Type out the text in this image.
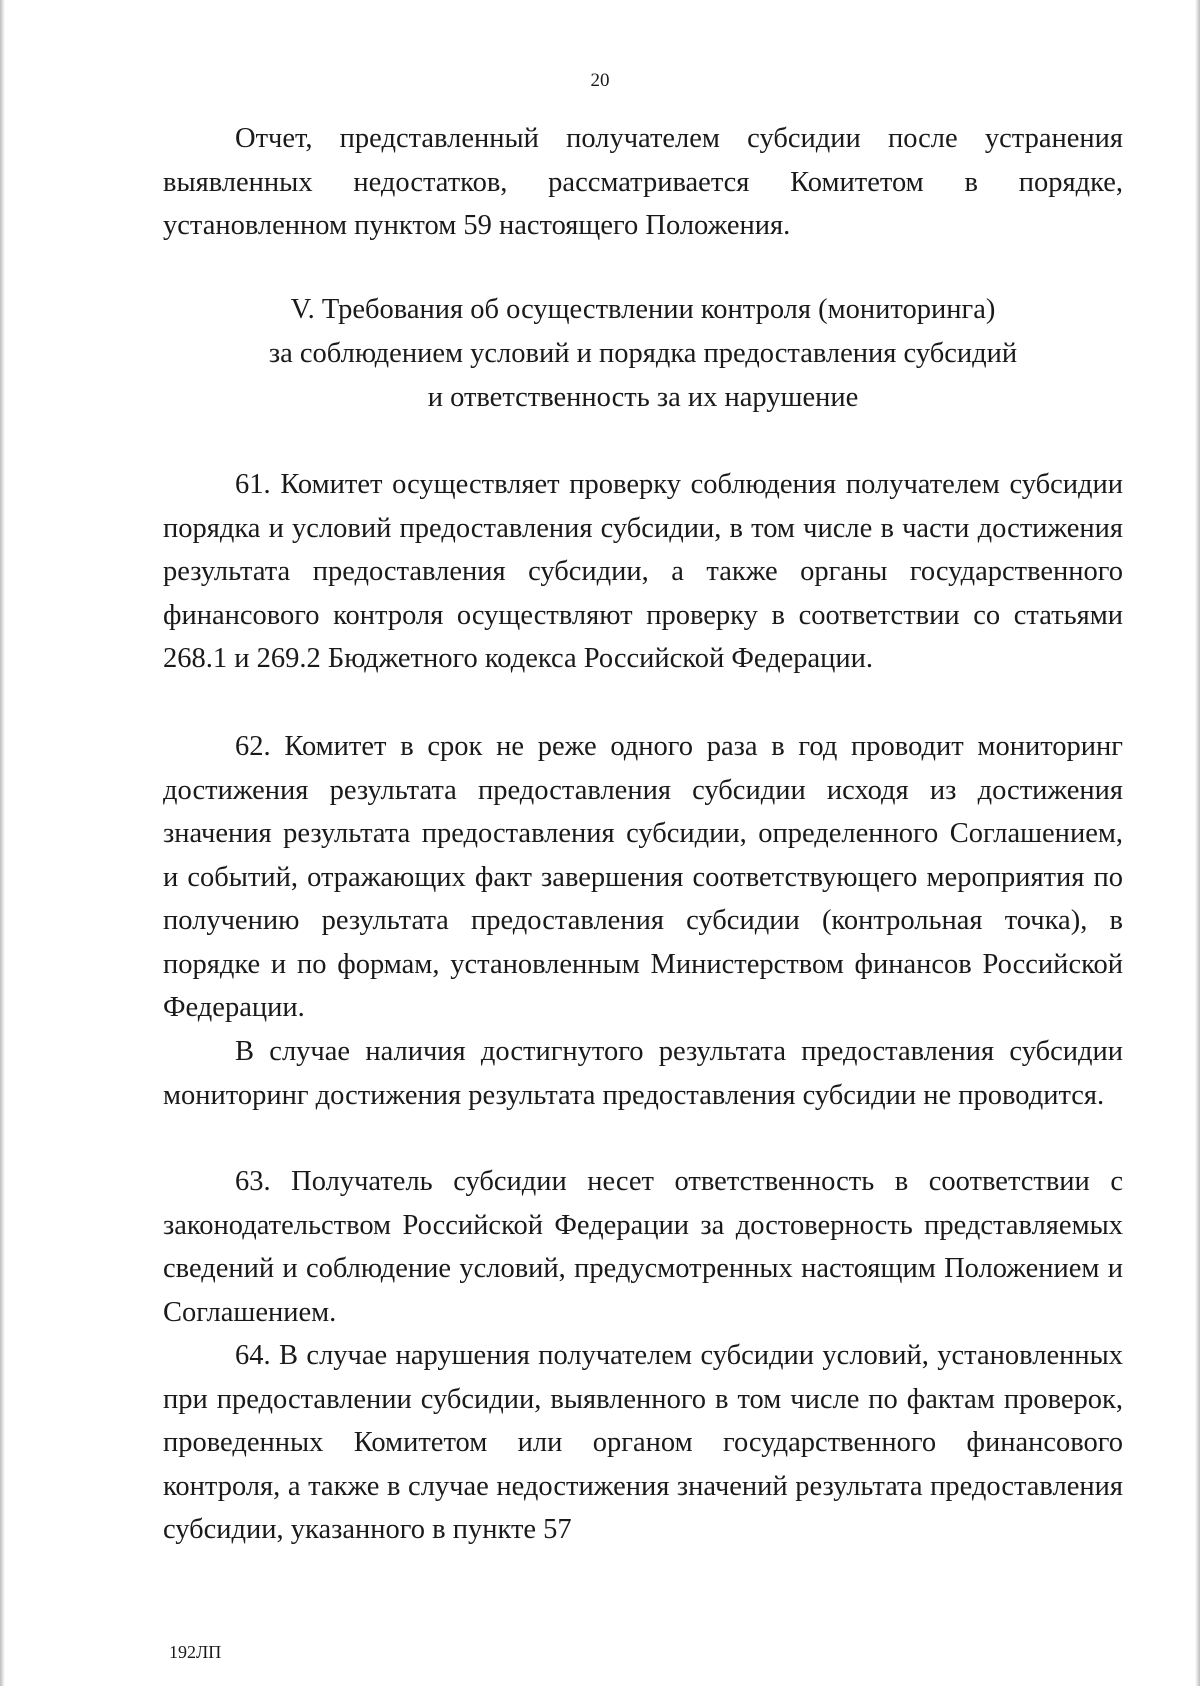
20

Отчет, представленный получателем субсидии после устранения выявленных недостатков, рассматривается Комитетом в порядке, установленном пунктом 59 настоящего Положения.

V. Требования об осуществлении контроля (мониторинга)
за соблюдением условий и порядка предоставления субсидий
и ответственность за их нарушение

61. Комитет осуществляет проверку соблюдения получателем субсидии порядка и условий предоставления субсидии, в том числе в части достижения результата предоставления субсидии, а также органы государственного финансового контроля осуществляют проверку в соответствии со статьями 268.1 и 269.2 Бюджетного кодекса Российской Федерации.

62. Комитет в срок не реже одного раза в год проводит мониторинг достижения результата предоставления субсидии исходя из достижения значения результата предоставления субсидии, определенного Соглашением, и событий, отражающих факт завершения соответствующего мероприятия по получению результата предоставления субсидии (контрольная точка), в порядке и по формам, установленным Министерством финансов Российской Федерации.

В случае наличия достигнутого результата предоставления субсидии мониторинг достижения результата предоставления субсидии не проводится.

63. Получатель субсидии несет ответственность в соответствии с законодательством Российской Федерации за достоверность представляемых сведений и соблюдение условий, предусмотренных настоящим Положением и Соглашением.

64. В случае нарушения получателем субсидии условий, установленных при предоставлении субсидии, выявленного в том числе по фактам проверок, проведенных Комитетом или органом государственного финансового контроля, а также в случае недостижения значений результата предоставления субсидии, указанного в пункте 57

192ЛП
